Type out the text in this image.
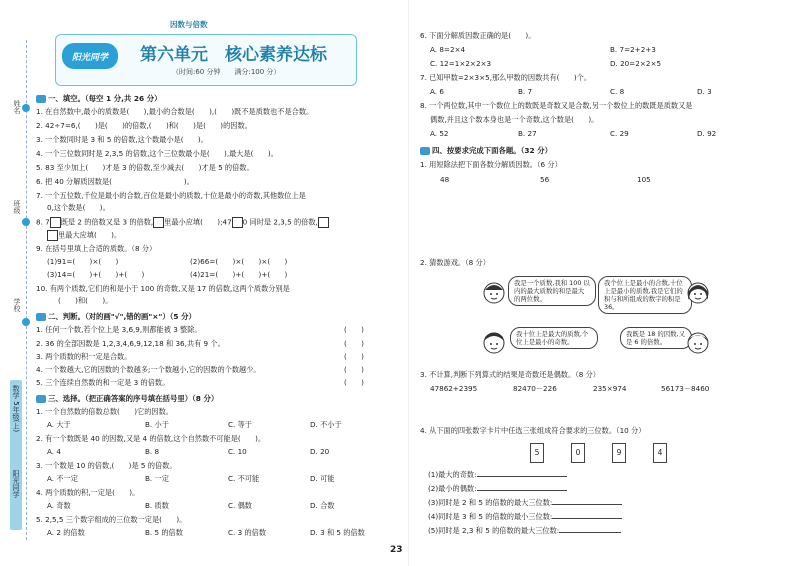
姓名
班级
学校
数学 5年级(上)
阳光同学
因数与倍数
阳光同学	第六单元　核心素养达标
（时间:60 分钟　　满分:100 分）
一、填空。（每空 1 分,共 26 分）
1. 在自然数中,最小的质数是(　　),最小的合数是(　　),(　　)既不是质数也不是合数。
2. 42÷7=6,(　　)是(　　)的倍数,(　　)和(　　)是(　　)的因数。
3. 一个数同时是 3 和 5 的倍数,这个数最小是(　　)。
4. 一个三位数同时是 2,3,5 的倍数,这个三位数最小是(　　),最大是(　　)。
5. 83 至少加上(　　)才是 3 的倍数,至少减去(　　)才是 5 的倍数。
6. 把 40 分解质因数是(　　　　　　　　　　)。
7. 一个五位数,千位是最小的合数,百位是最小的质数,十位是最小的奇数,其他数位上是
0,这个数是(　　)。
8. 7 既是 2 的倍数又是 3 的倍数, 里最小应填(　　);47 0 同时是 2,3,5 的倍数,
里最大应填(　　)。
9. 在括号里填上合适的质数。（8 分）
(1)91=(　　)×(　　)	(2)66=(　　)×(　　)×(　　)
(3)14=(　　)+(　　)+(　　)	(4)21=(　　)+(　　)+(　　)
10. 有两个质数,它们的和是小于 100 的奇数,又是 17 的倍数,这两个质数分别是
(　　)和(　　)。
二、判断。（对的画"√",错的画"×"）（5 分）
1. 任何一个数,若个位上是 3,6,9,则都能被 3 整除。	(　　)
2. 36 的全部因数是 1,2,3,4,6,9,12,18 和 36,共有 9 个。	(　　)
3. 两个质数的积一定是合数。	(　　)
4. 一个数越大,它的因数的个数越多;一个数越小,它的因数的个数越少。	(　　)
5. 三个连续自然数的和一定是 3 的倍数。	(　　)
三、选择。（把正确答案的序号填在括号里）（8 分）
1. 一个自然数的倍数总数(　　)它的因数。
A. 大于	B. 小于	C. 等于	D. 不小于
2. 有一个数既是 40 的因数,又是 4 的倍数,这个自然数不可能是(　　)。
A. 4	B. 8	C. 10	D. 20
3. 一个数是 10 的倍数,(　　)是 5 的倍数。
A. 不一定	B. 一定	C. 不可能	D. 可能
4. 两个质数的积,一定是(　　)。
A. 奇数	B. 质数	C. 偶数	D. 合数
5. 2,5,5 三个数字组成的三位数一定是(　　)。
A. 2 的倍数	B. 5 的倍数	C. 3 的倍数	D. 3 和 5 的倍数
6. 下面分解质因数正确的是(　　)。
A. 8=2×4	B. 7=2+2+3
C. 12=1×2×2×3	D. 20=2×2×5
7. 已知甲数=2×3×5,那么甲数的因数共有(　　)个。
A. 6	B. 7	C. 8	D. 3
8. 一个两位数,其中一个数位上的数既是奇数又是合数,另一个数位上的数既是质数又是
偶数,并且这个数本身也是一个奇数,这个数是(　　)。
A. 52	B. 27	C. 29	D. 92
四、按要求完成下面各题。（32 分）
1. 用短除法把下面各数分解质因数。（6 分）
48	56	105
2. 猜数游戏。（8 分）
我是一个质数,我和 100 以内的最大质数的和是最大的两位数。
我个位上是最小的合数,十位上是最小的质数,我是它们的积与和所组成的数字的积是 36。
我十位上是最大的质数,个位上是最小的奇数。
我既是 18 的因数,又是 6 的倍数。
3. 不计算,判断下列算式的结果是奇数还是偶数。（8 分）
47862+2395	82470－226	235×974	56173－8460
4. 从下面的四张数字卡片中任选三张组成符合要求的三位数。（10 分）
5	0	9	4
(1)最大的奇数:
(2)最小的偶数:
(3)同时是 2 和 5 的倍数的最大三位数:
(4)同时是 3 和 5 的倍数的最小三位数:
(5)同时是 2,3 和 5 的倍数的最大三位数:
23
